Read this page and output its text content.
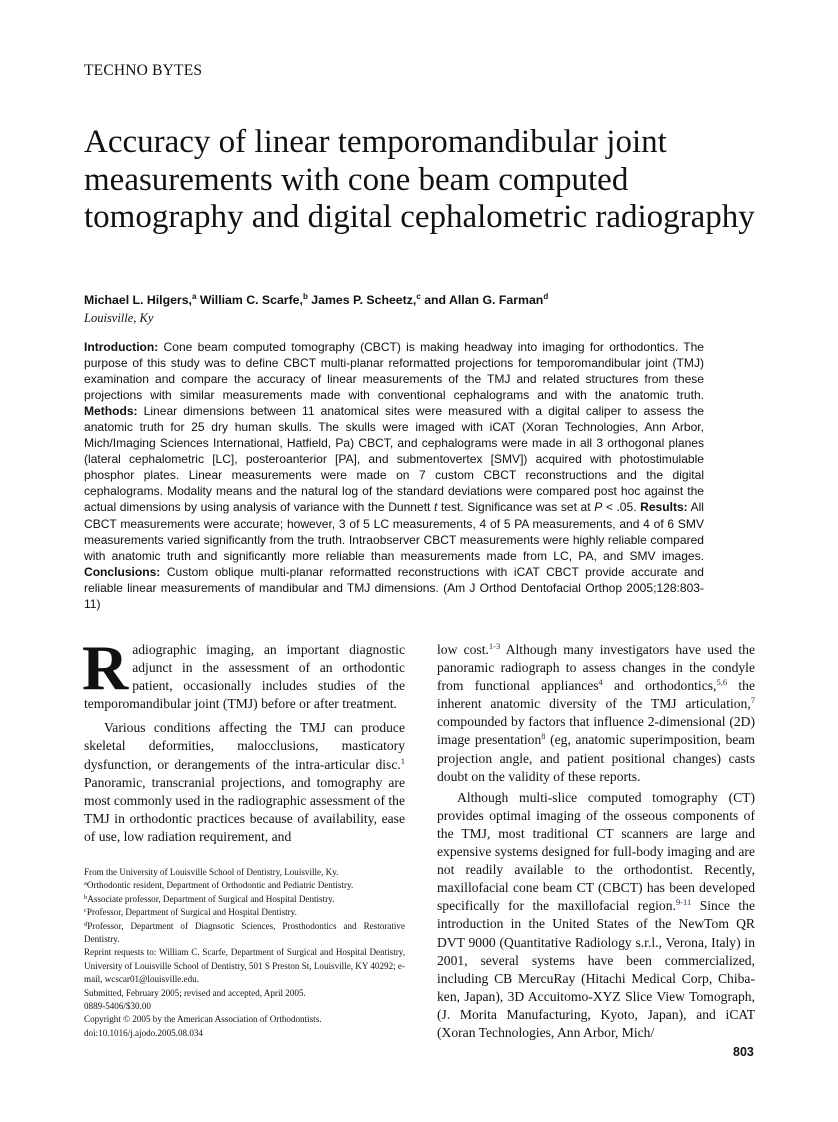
TECHNO BYTES
Accuracy of linear temporomandibular joint measurements with cone beam computed tomography and digital cephalometric radiography
Michael L. Hilgers,$^a$ William C. Scarfe,$^b$ James P. Scheetz,$^c$ and Allan G. Farman$^d$
Louisville, Ky

Introduction: Cone beam computed tomography (CBCT) is making headway into imaging for orthodontics. The purpose of this study was to define CBCT multi-planar reformatted projections for temporomandibular joint (TMJ) examination and compare the accuracy of linear measurements of the TMJ and related structures from these projections with similar measurements made with conventional cephalograms and with the anatomic truth. Methods: Linear dimensions between 11 anatomical sites were measured with a digital caliper to assess the anatomic truth for 25 dry human skulls. The skulls were imaged with iCAT (Xoran Technologies, Ann Arbor, Mich/Imaging Sciences International, Hatfield, Pa) CBCT, and cephalograms were made in all 3 orthogonal planes (lateral cephalometric [LC], posteroanterior [PA], and submentovertex [SMV]) acquired with photostimulable phosphor plates. Linear measurements were made on 7 custom CBCT reconstructions and the digital cephalograms. Modality means and the natural log of the standard deviations were compared post hoc against the actual dimensions by using analysis of variance with the Dunnett t test. Significance was set at P < .05. Results: All CBCT measurements were accurate; however, 3 of 5 LC measurements, 4 of 5 PA measurements, and 4 of 6 SMV measurements varied significantly from the truth. Intraobserver CBCT measurements were highly reliable compared with anatomic truth and significantly more reliable than measurements made from LC, PA, and SMV images. Conclusions: Custom oblique multi-planar reformatted reconstructions with iCAT CBCT provide accurate and reliable linear measurements of mandibular and TMJ dimensions. (Am J Orthod Dentofacial Orthop 2005;128:803-11)

Radiographic imaging, an important diagnostic adjunct in the assessment of an orthodontic patient, occasionally includes studies of the temporomandibular joint (TMJ) before or after treatment.

Various conditions affecting the TMJ can produce skeletal deformities, malocclusions, masticatory dysfunction, or derangements of the intra-articular disc.$^1$ Panoramic, transcranial projections, and tomography are most commonly used in the radiographic assessment of the TMJ in orthodontic practices because of availability, ease of use, low radiation requirement, and

From the University of Louisville School of Dentistry, Louisville, Ky.
$^a$Orthodontic resident, Department of Orthodontic and Pediatric Dentistry.
$^b$Associate professor, Department of Surgical and Hospital Dentistry.
$^c$Professor, Department of Surgical and Hospital Dentistry.
$^d$Professor, Department of Diagnsotic Sciences, Prosthodontics and Restorative Dentistry.
Reprint requests to: William C. Scarfe, Department of Surgical and Hospital Dentistry, University of Louisville School of Dentistry, 501 S Preston St, Louisville, KY 40292; e-mail, wcscar01@louisville.edu.
Submitted, February 2005; revised and accepted, April 2005.
0889-5406/$30.00
Copyright © 2005 by the American Association of Orthodontists.
doi:10.1016/j.ajodo.2005.08.034

low cost.$^{1-3}$ Although many investigators have used the panoramic radiograph to assess changes in the condyle from functional appliances$^4$ and orthodontics,$^{5,6}$ the inherent anatomic diversity of the TMJ articulation,$^7$ compounded by factors that influence 2-dimensional (2D) image presentation$^8$ (eg, anatomic superimposition, beam projection angle, and patient positional changes) casts doubt on the validity of these reports.

Although multi-slice computed tomography (CT) provides optimal imaging of the osseous components of the TMJ, most traditional CT scanners are large and expensive systems designed for full-body imaging and are not readily available to the orthodontist. Recently, maxillofacial cone beam CT (CBCT) has been developed specifically for the maxillofacial region.$^{9-11}$ Since the introduction in the United States of the NewTom QR DVT 9000 (Quantitative Radiology s.r.l., Verona, Italy) in 2001, several systems have been commercialized, including CB MercuRay (Hitachi Medical Corp, Chiba-ken, Japan), 3D Accuitomo-XYZ Slice View Tomograph, (J. Morita Manufacturing, Kyoto, Japan), and iCAT (Xoran Technologies, Ann Arbor, Mich/

803
